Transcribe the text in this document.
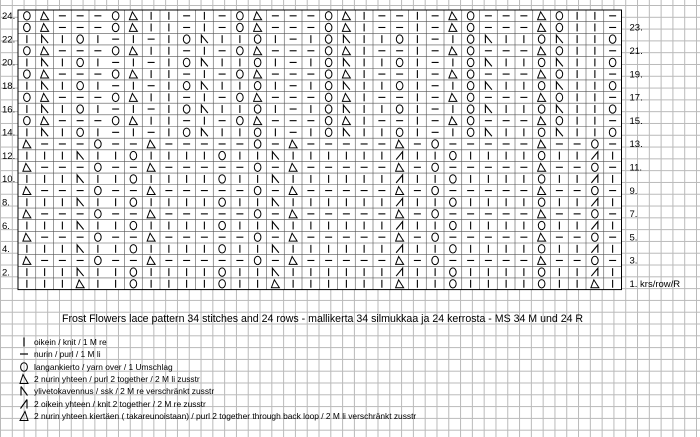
24.
22.
20.
18.
16.
14.
12.
10.
8.
6.
4.
2.
23.
21.
19.
17.
15.
13.
11.
9.
7.
5.
3.
1. krs/row/R
Frost Flowers lace pattern 34 stitches and 24 rows - mallikerta 34 silmukkaa ja 24 kerrosta - MS 34 M und 24 R
oikein / knit / 1 M re
nurin / purl / 1 M li
langankierto / yarn over / 1 Umschlag
2 nurin yhteen / purl 2 together / 2 M li zusstr
ylivetokavennus / ssk / 2 M re verschränkt zusstr
2 oikein yhteen / knit 2 together / 2 M re zusstr
2 nurin yhteen kiertäen ( takareunoistaan) / purl 2 together through back loop / 2 M li verschränkt zusstr
